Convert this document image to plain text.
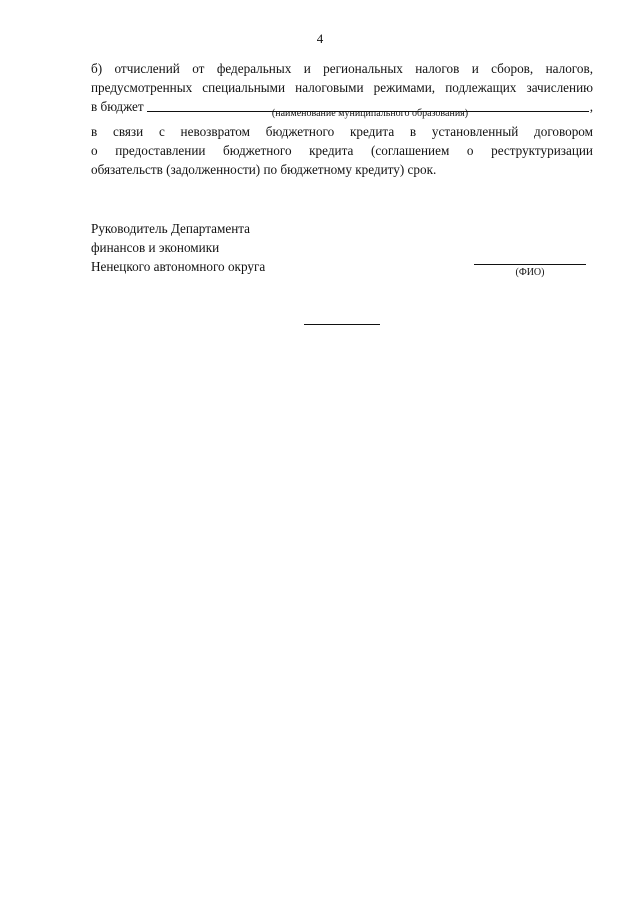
4
б) отчислений от федеральных и региональных налогов и сборов, налогов,
предусмотренных специальными налоговыми режимами, подлежащих зачислению
в бюджет	,
(наименование муниципального образования)
в связи с невозвратом бюджетного кредита в установленный договором
о предоставлении бюджетного кредита (соглашением о реструктуризации
обязательств (задолженности) по бюджетному кредиту) срок.
Руководитель Департамента
финансов и экономики
Ненецкого автономного округа	(ФИО)
